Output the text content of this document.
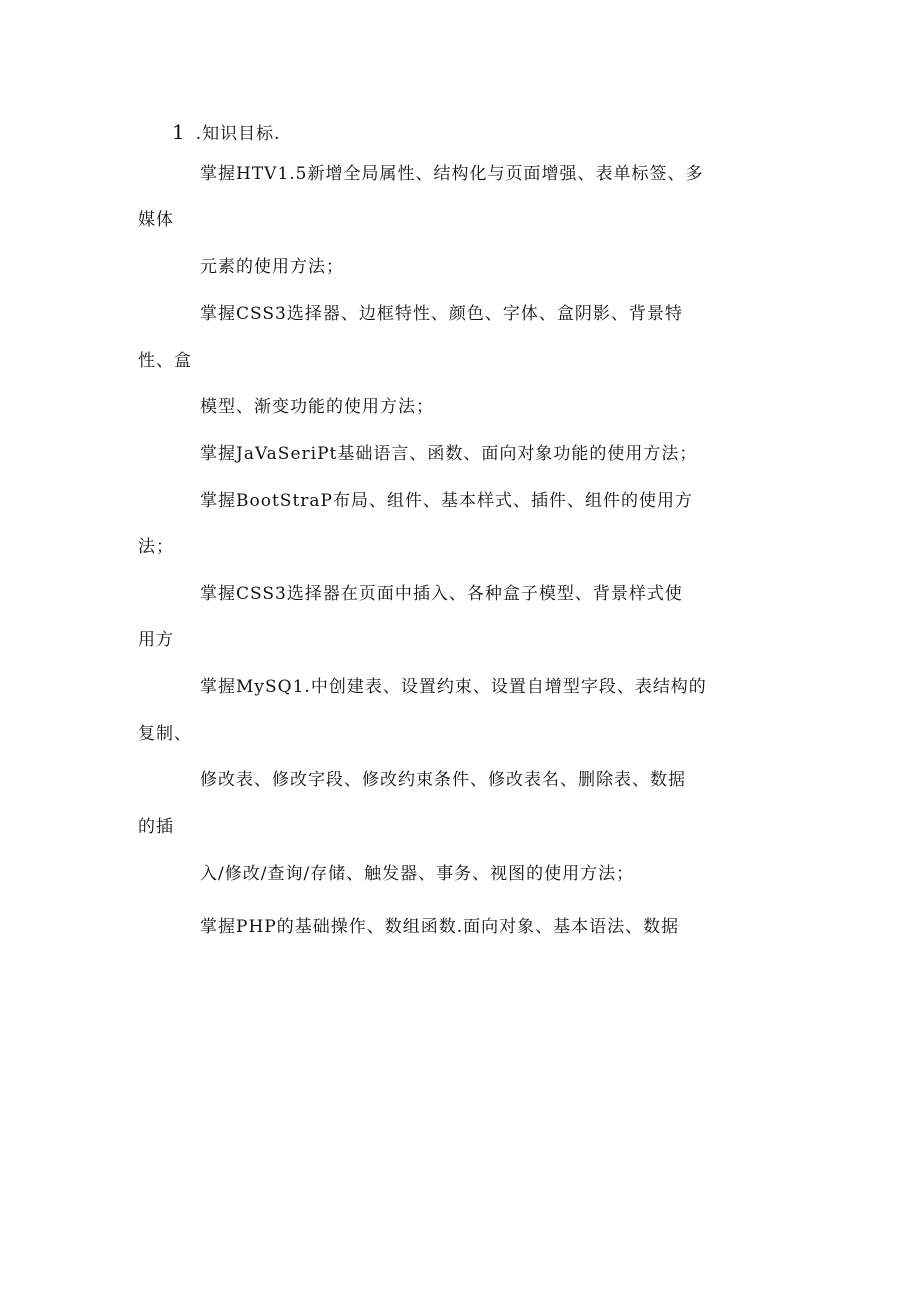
1 .知识目标.
掌握HTV1.5新增全局属性、结构化与页面增强、表单标签、多
媒体
元素的使用方法；
掌握CSS3选择器、边框特性、颜色、字体、盒阴影、背景特
性、盒
模型、渐变功能的使用方法；
掌握JaVaSeriPt基础语言、函数、面向对象功能的使用方法；
掌握BootStraP布局、组件、基本样式、插件、组件的使用方
法；
掌握CSS3选择器在页面中插入、各种盒子模型、背景样式使
用方
掌握MySQ1.中创建表、设置约束、设置自增型字段、表结构的
复制、
修改表、修改字段、修改约束条件、修改表名、删除表、数据
的插
入/修改/查询/存储、触发器、事务、视图的使用方法；
掌握PHP的基础操作、数组函数.面向对象、基本语法、数据
